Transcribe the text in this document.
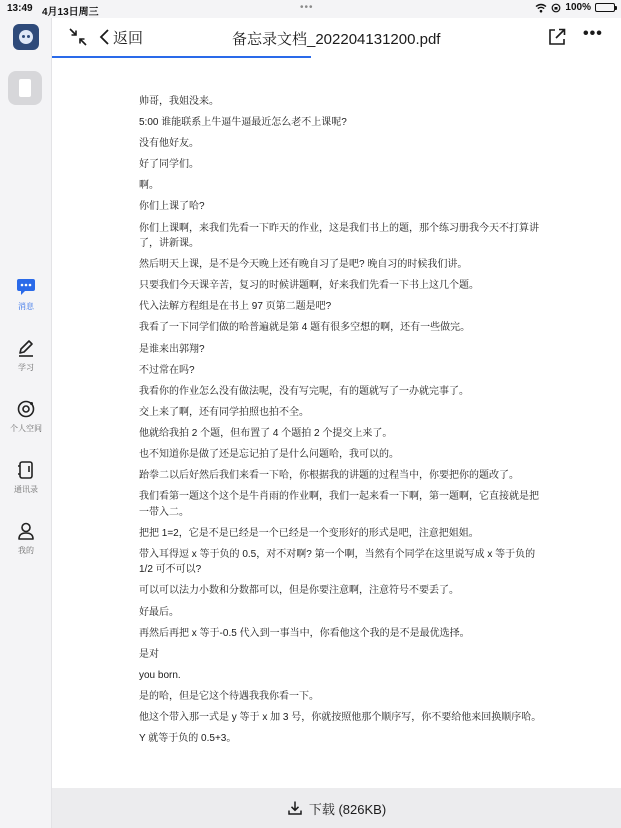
13:49 4月13日周三	•••	100%
消息
学习
个人空间
通讯录
我的
返回	备忘录文档_202204131200.pdf	•••
帅哥，我姐没来。
5:00 谁能联系上牛逼牛逼最近怎么老不上课呢?
没有他好友。
好了同学们。
啊。
你们上课了哈?
你们上课啊，来我们先看一下昨天的作业，这是我们书上的题，那个练习册我今天不打算讲了，讲新课。
然后明天上课，是不是今天晚上还有晚自习了是吧? 晚自习的时候我们讲。
只要我们今天课辛苦，复习的时候讲题啊，好来我们先看一下书上这几个题。
代入法解方程组是在书上 97 页第二题是吧?
我看了一下同学们做的哈普遍就是第 4 题有很多空想的啊，还有一些做完。
是谁来出郭翔?
不过常在吗?
我看你的作业怎么没有做法呢，没有写完呢，有的题就写了一办就完事了。
交上来了啊，还有同学拍照也拍不全。
他就给我拍 2 个题，但布置了 4 个题拍 2 个提交上来了。
也不知道你是做了还是忘记拍了是什么问题哈，我可以的。
跆拳二以后好然后我们来看一下哈，你根据我的讲题的过程当中，你要把你的题改了。
我们看第一题这个这个是牛肖雨的作业啊，我们一起来看一下啊，第一题啊，它直接就是把一带入二。
把把 1=2，它是不是已经是一个已经是一个变形好的形式是吧，注意把姐姐。
带入耳得逗 x 等于负的 0.5，对不对啊? 第一个啊，当然有个同学在这里说写成 x 等于负的 1/2 可不可以?
可以可以法力小数和分数都可以，但是你要注意啊，注意符号不要丢了。
好最后。
再然后再把 x 等于-0.5 代入到一事当中，你看他这个我的是不是最优选择。
是对
you born.
是的哈，但是它这个待遇我我你看一下。
他这个带入那一式是 y 等于 x 加 3 号，你就按照他那个顺序写，你不要给他来回换顺序哈。
Y 就等于负的 0.5+3。
下载 (826KB)
